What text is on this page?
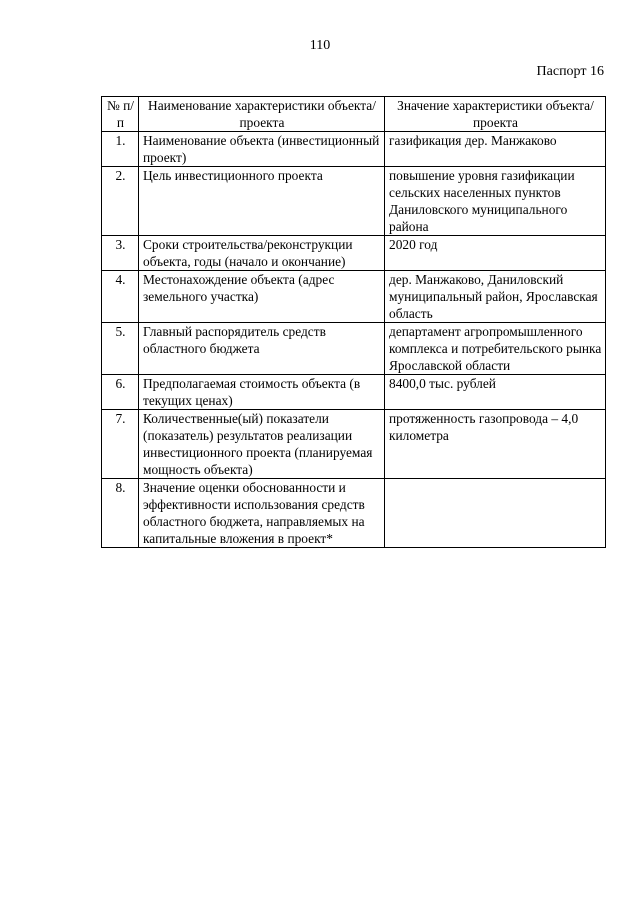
110
Паспорт 16
№ п/п	Наименование характеристики объекта/проекта	Значение характеристики объекта/проекта
1.	Наименование объекта (инвестиционный проект)	газификация дер. Манжаково
2.	Цель инвестиционного проекта	повышение уровня газификации сельских населенных пунктов Даниловского муниципального района
3.	Сроки строительства/реконструкции объекта, годы (начало и окончание)	2020 год
4.	Местонахождение объекта (адрес земельного участка)	дер. Манжаково, Даниловский муниципальный район, Ярославская область
5.	Главный распорядитель средств областного бюджета	департамент агропромышленного комплекса и потребительского рынка Ярославской области
6.	Предполагаемая стоимость объекта (в текущих ценах)	8400,0 тыс. рублей
7.	Количественные(ый) показатели (показатель) результатов реализации инвестиционного проекта (планируемая мощность объекта)	протяженность газопровода – 4,0 километра
8.	Значение оценки обоснованности и эффективности использования средств областного бюджета, направляемых на капитальные вложения в проект*	
